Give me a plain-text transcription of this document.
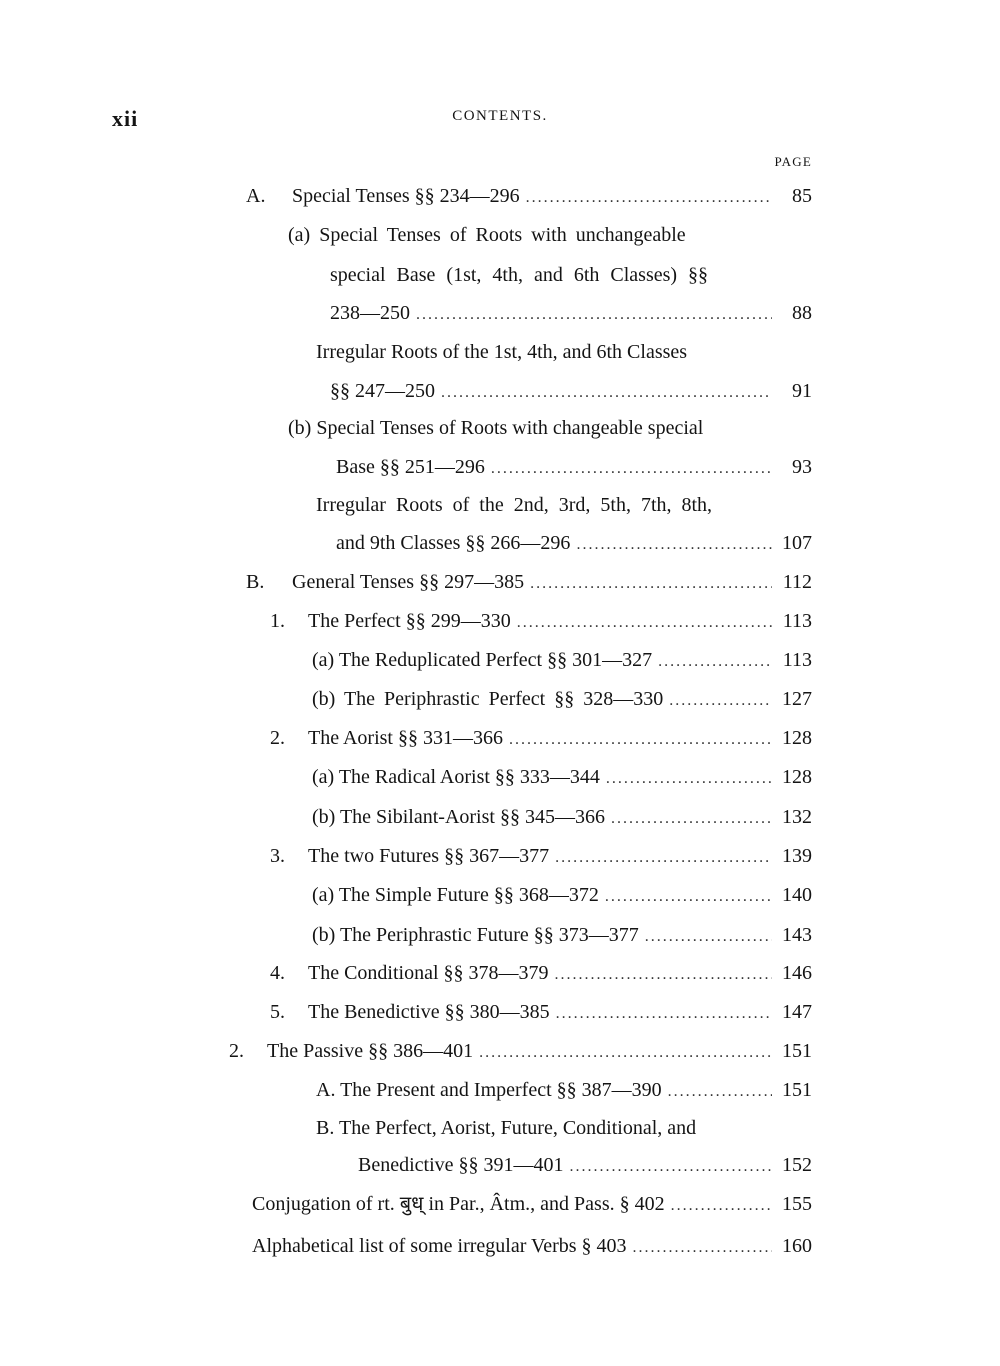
xii	CONTENTS.
PAGE
A.	Special Tenses §§ 234—296 .....	85
(a) Special Tenses of Roots with unchangeable
special Base (1st, 4th, and 6th Classes) §§
238—250 .....	88
Irregular Roots of the 1st, 4th, and 6th Classes
§§ 247—250 .....	91
(b) Special Tenses of Roots with changeable special
Base §§ 251—296 .....	93
Irregular Roots of the 2nd, 3rd, 5th, 7th, 8th,
and 9th Classes §§ 266—296 .....	107
B.	General Tenses §§ 297—385 .....	112
1.	The Perfect §§ 299—330 .....	113
(a) The Reduplicated Perfect §§ 301—327 .....	113
(b) The Periphrastic Perfect §§ 328—330 .....	127
2.	The Aorist §§ 331—366 .....	128
(a) The Radical Aorist §§ 333—344 .....	128
(b) The Sibilant-Aorist §§ 345—366 .....	132
3.	The two Futures §§ 367—377 .....	139
(a) The Simple Future §§ 368—372 .....	140
(b) The Periphrastic Future §§ 373—377 .....	143
4.	The Conditional §§ 378—379 .....	146
5.	The Benedictive §§ 380—385 .....	147
2.	The Passive §§ 386—401 .....	151
A. The Present and Imperfect §§ 387—390 .....	151
B. The Perfect, Aorist, Future, Conditional, and
Benedictive §§ 391—401 .....	152
Conjugation of rt. बुध् in Par., Âtm., and Pass. § 402 .....	155
Alphabetical list of some irregular Verbs § 403 .....	160
